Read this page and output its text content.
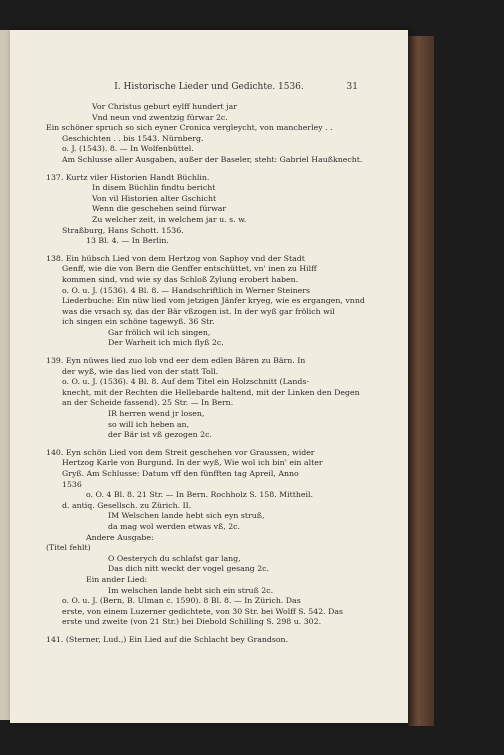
I. Historische Lieder und Gedichte. 1536.	31
Vor Christus geburt eylff hundert jar
Vnd neun vnd zwentzig fürwar 2c.
Ein schöner spruch so sich eyner Cronica vergleycht, von mancherley . .
Geschichten . . bis 1543. Nürnberg.
o. J. (1543). 8. — In Wolfenbüttel.
Am Schlusse aller Ausgaben, außer der Baseler, steht: Gabriel Haußknecht.
137. Kurtz viler Historien Handt Büchlin.
In disem Büchlin findtu bericht
Von vil Historien alter Gschicht
Wenn die geschehen seind fürwar
Zu welcher zeit, in welchem jar u. s. w.
Straßburg, Hans Schott. 1536.
13 Bl. 4. — In Berlin.
138. Ein hübsch Lied von dem Hertzog von Saphoy vnd der Stadt
Genff, wie die von Bern die Genffer entschüttet, vn' inen zu Hilff
kommen sind, vnd wie sy das Schloß Zylung erobert haben.
o. O. u. J. (1536). 4 Bl. 8. — Handschriftlich in Werner Steiners
Liederbuche: Ein nüw lied vom jetzigen Jänfer kryeg, wie es ergangen, vnnd
was die vrsach sy, das der Bär vßzogen ist. In der wyß gar frölich wil
ich singen ein schöne tagewyß. 36 Str.
Gar frölich wil ich singen,
Der Warheit ich mich flyß 2c.
139. Eyn nüwes lied zuo lob vnd eer dem edlen Bären zu Bärn. In
der wyß, wie das lied von der statt Toll.
o. O. u. J. (1536). 4 Bl. 8. Auf dem Titel ein Holzschnitt (Lands-
knecht, mit der Rechten die Hellebarde haltend, mit der Linken den Degen
an der Scheide fassend). 25 Str. — In Bern.
IR herren wend jr losen,
so will ich heben an,
der Bär ist vß gezogen 2c.
140. Eyn schön Lied von dem Streit geschehen vor Graussen, wider
Hertzog Karle von Burgund. In der wyß, Wie wol ich bin' ein alter
Gryß. Am Schlusse: Datum vff den fünfften tag Apreil, Anno
1536
o. O. 4 Bl. 8. 21 Str. — In Bern. Rochholz S. 158. Mittheil.
d. antiq. Gesellsch. zu Zürich. II.
IM Welschen lande hebt sich eyn struß,
da mag wol werden etwas vß, 2c.
Andere Ausgabe:
(Titel fehlt)
O Oesterych du schlafst gar lang,
Das dich nitt weckt der vogel gesang 2c.
Ein ander Lied:
Im welschen lande hebt sich ein struß 2c.
o. O. u. J. (Bern, B. Ulman c. 1590). 8 Bl. 8. — In Zürich. Das
erste, von einem Luzerner gedichtete, von 30 Str. bei Wolff S. 542. Das
erste und zweite (von 21 Str.) bei Diebold Schilling S. 298 u. 302.
141. (Sterner, Lud.,) Ein Lied auf die Schlacht bey Grandson.
